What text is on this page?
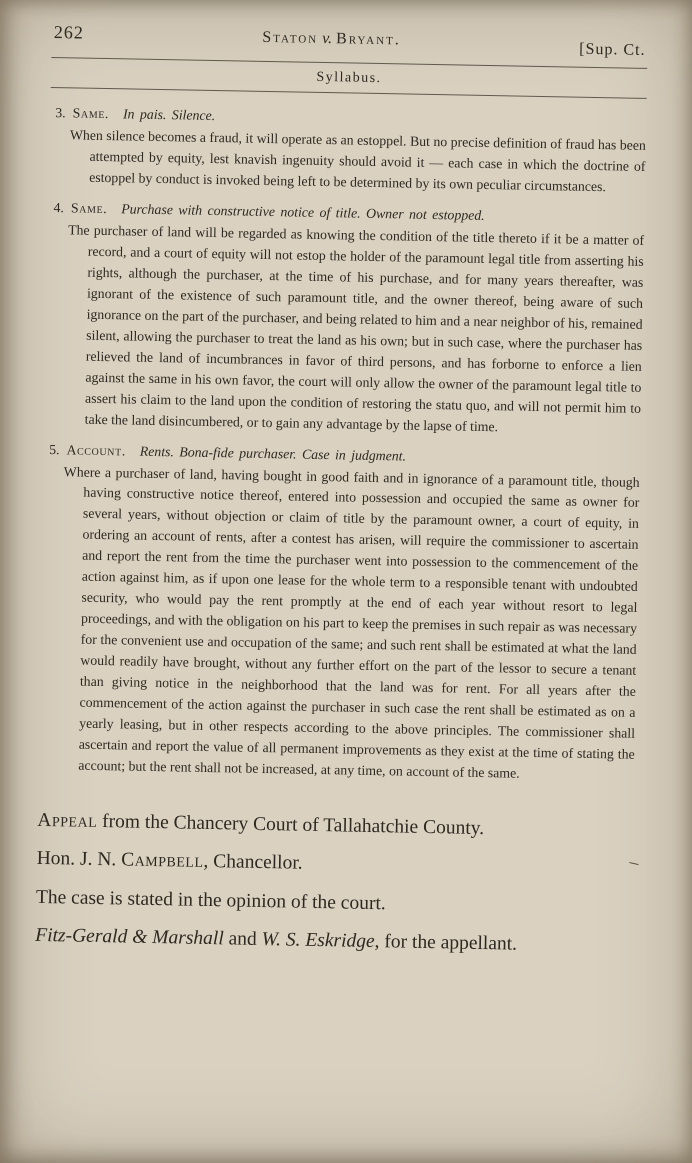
262	Staton v. Bryant.
[Sup. Ct.
Syllabus.
3. Same. In pais. Silence.
When silence becomes a fraud, it will operate as an estoppel. But no precise definition of fraud has been attempted by equity, lest knavish ingenuity should avoid it — each case in which the doctrine of estoppel by conduct is invoked being left to be determined by its own peculiar circumstances.
4. Same. Purchase with constructive notice of title. Owner not estopped.
The purchaser of land will be regarded as knowing the condition of the title thereto if it be a matter of record, and a court of equity will not estop the holder of the paramount legal title from asserting his rights, although the purchaser, at the time of his purchase, and for many years thereafter, was ignorant of the existence of such paramount title, and the owner thereof, being aware of such ignorance on the part of the purchaser, and being related to him and a near neighbor of his, remained silent, allowing the purchaser to treat the land as his own; but in such case, where the purchaser has relieved the land of incumbrances in favor of third persons, and has forborne to enforce a lien against the same in his own favor, the court will only allow the owner of the paramount legal title to assert his claim to the land upon the condition of restoring the statu quo, and will not permit him to take the land disincumbered, or to gain any advantage by the lapse of time.
5. Account. Rents. Bona-fide purchaser. Case in judgment.
Where a purchaser of land, having bought in good faith and in ignorance of a paramount title, though having constructive notice thereof, entered into possession and occupied the same as owner for several years, without objection or claim of title by the paramount owner, a court of equity, in ordering an account of rents, after a contest has arisen, will require the commissioner to ascertain and report the rent from the time the purchaser went into possession to the commencement of the action against him, as if upon one lease for the whole term to a responsible tenant with undoubted security, who would pay the rent promptly at the end of each year without resort to legal proceedings, and with the obligation on his part to keep the premises in such repair as was necessary for the convenient use and occupation of the same; and such rent shall be estimated at what the land would readily have brought, without any further effort on the part of the lessor to secure a tenant than giving notice in the neighborhood that the land was for rent. For all years after the commencement of the action against the purchaser in such case the rent shall be estimated as on a yearly leasing, but in other respects according to the above principles. The commissioner shall ascertain and report the value of all permanent improvements as they exist at the time of stating the account; but the rent shall not be increased, at any time, on account of the same.

Appeal from the Chancery Court of Tallahatchie County.

Hon. J. N. Campbell, Chancellor.	–

The case is stated in the opinion of the court.

Fitz-Gerald & Marshall and W. S. Eskridge, for the appellant.
